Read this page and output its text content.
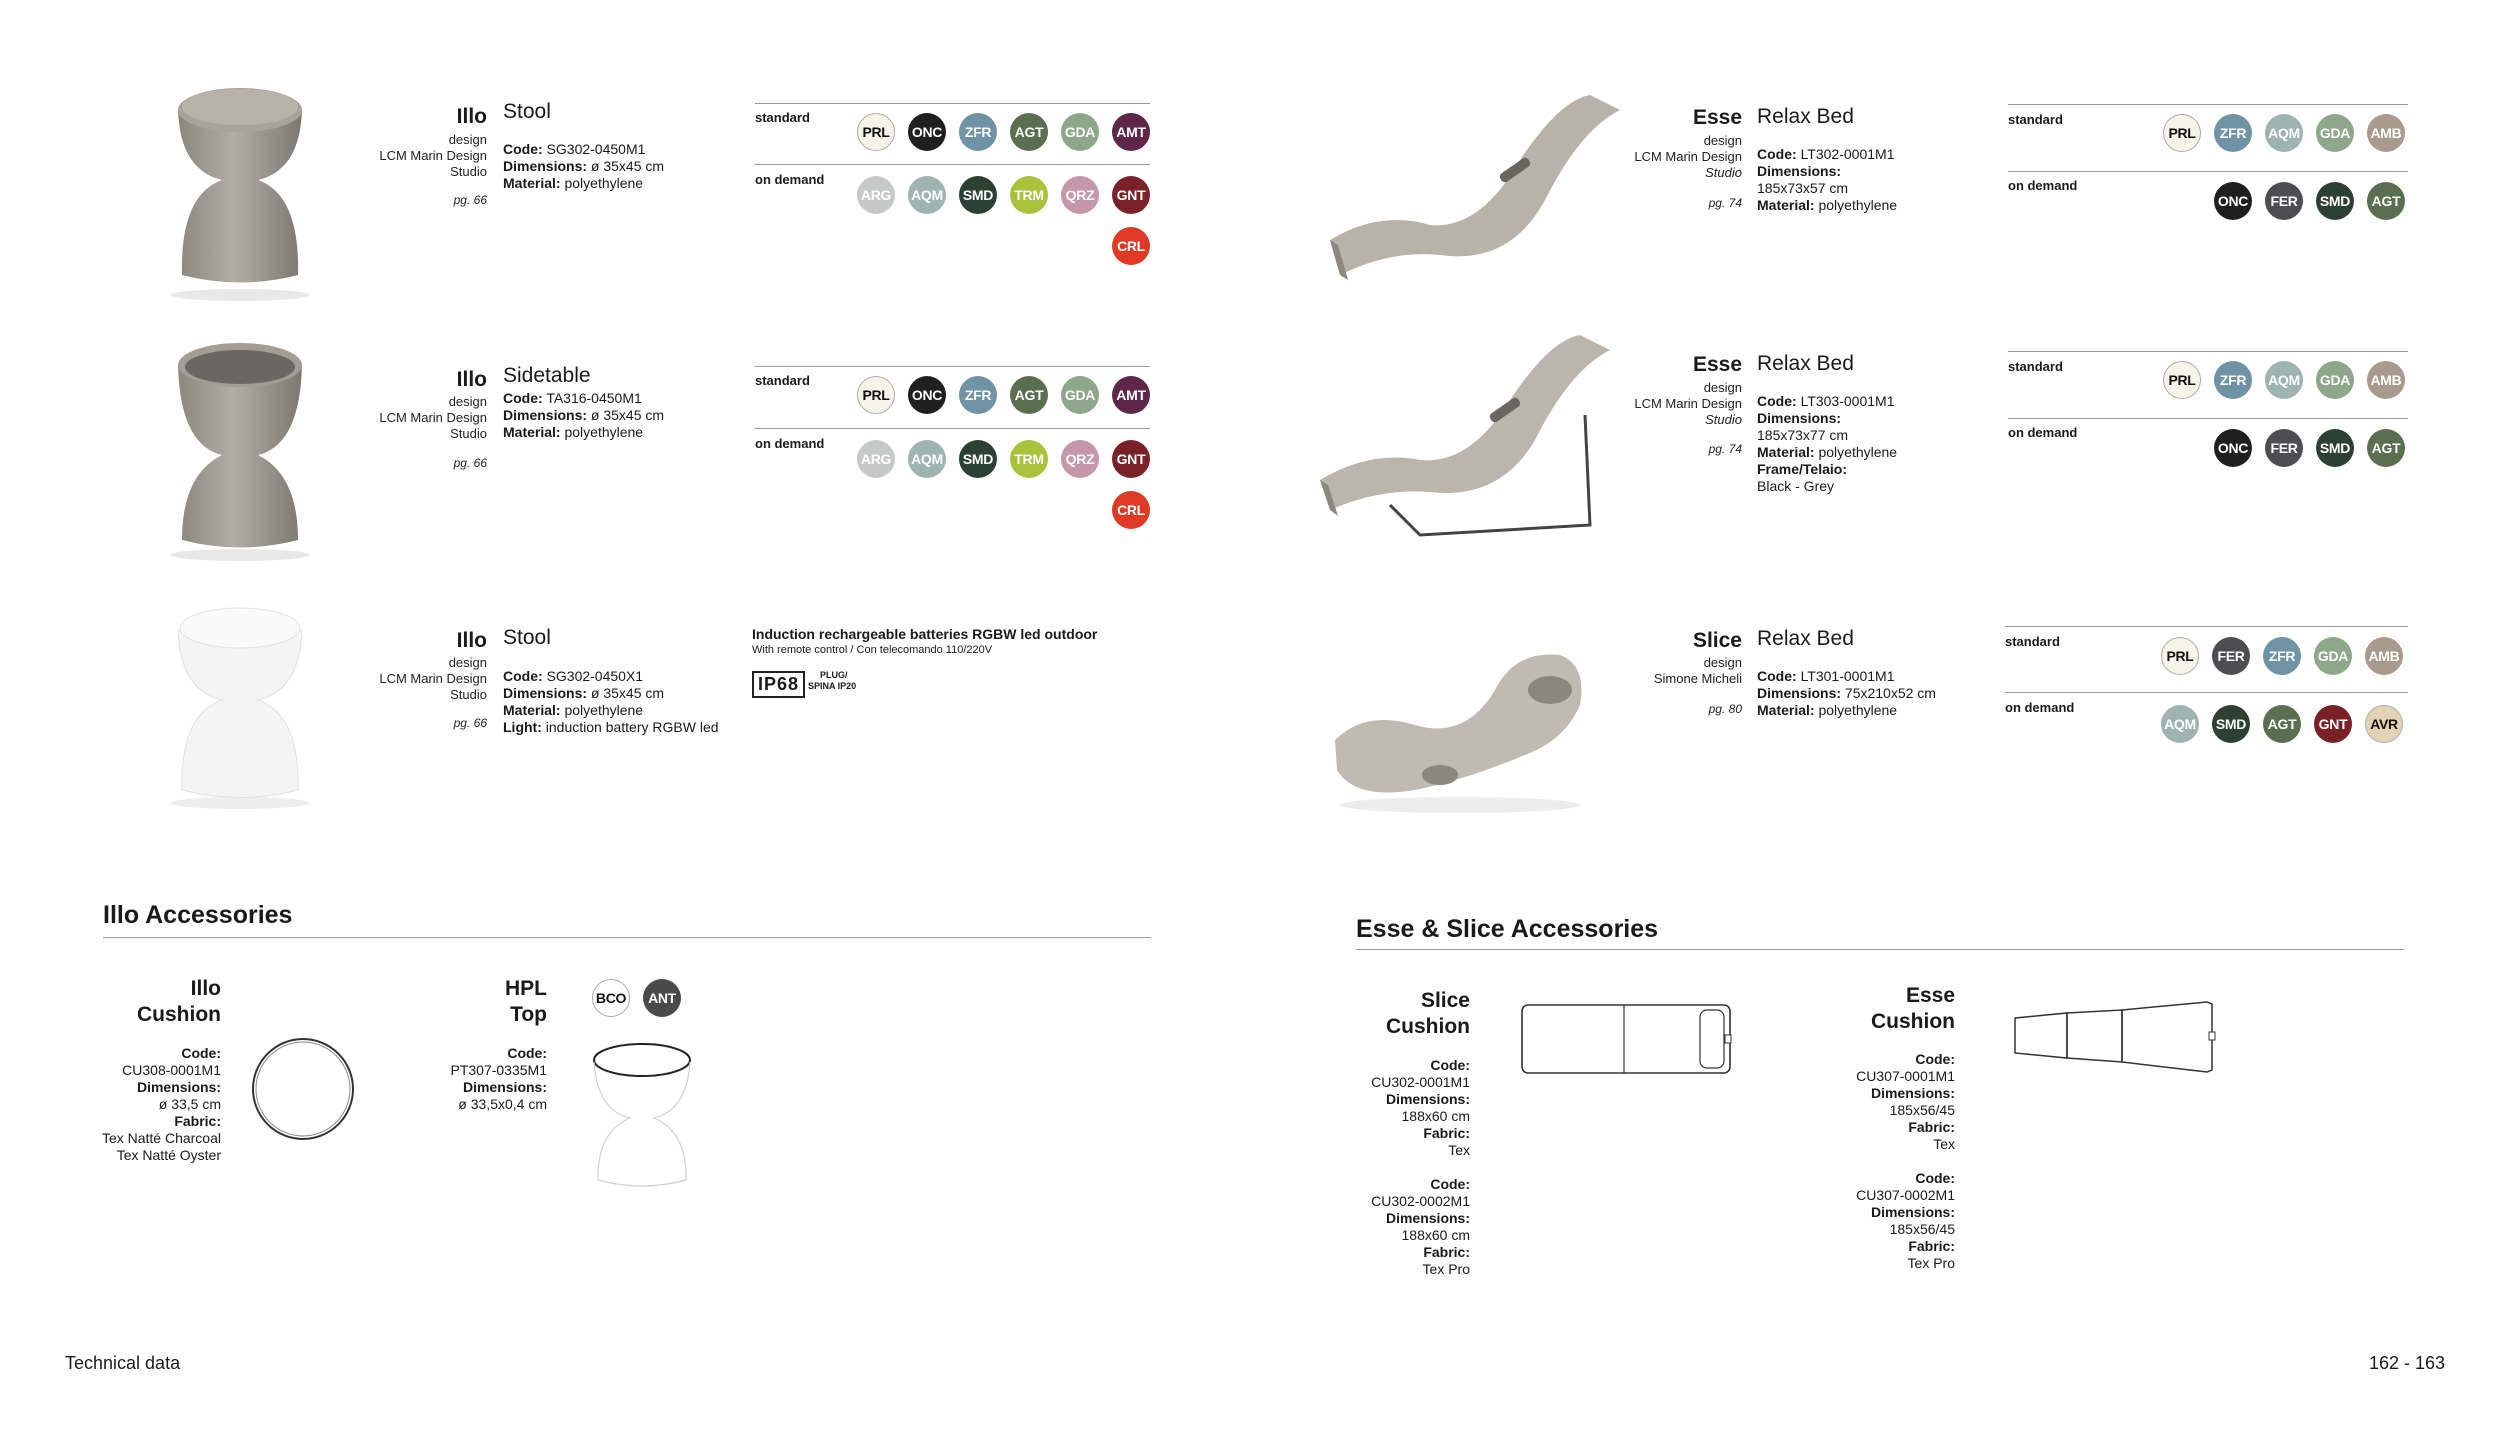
Illo Stool
design
LCM Marin Design
Studio
pg. 66
Code: SG302-0450M1
Dimensions: ø 35x45 cm
Material: polyethylene
standard
on demand
PRL	ONC	ZFR	AGT	GDA	AMT
ARG AQM SMD	TRM	QRZ	GNT
CRL
Illo Sidetable
design
LCM Marin Design
Studio
pg. 66
Code: TA316-0450M1
Dimensions: ø 35x45 cm
Material: polyethylene
standard
on demand
PRL	ONC	ZFR	AGT	GDA	AMT
ARG AQM SMD	TRM	QRZ	GNT
CRL
Illo Stool
design
LCM Marin Design
Studio
pg. 66
Code: SG302-0450X1
Dimensions: ø 35x45 cm
Material: polyethylene
Light: induction battery RGBW led
Induction rechargeable batteries RGBW led outdoor
With remote control / Con telecomando 110/220V
IP68	PLUG/
SPINA IP20
Esse Relax Bed
design
LCM Marin Design
Studio
pg. 74
Code: LT302-0001M1
Dimensions:
185x73x57 cm
Material: polyethylene
standard
on demand
PRL	ZFR	AQM GDA AMB
ONC	FER	SMD	AGT
Esse Relax Bed
design
LCM Marin Design
Studio
pg. 74
Code: LT303-0001M1
Dimensions:
185x73x77 cm
Material: polyethylene
Frame/Telaio:
Black - Grey
standard
on demand
PRL	ZFR	AQM GDA AMB
ONC	FER	SMD	AGT
Slice Relax Bed
design
Simone Micheli
pg. 80
Code: LT301-0001M1
Dimensions: 75x210x52 cm
Material: polyethylene
standard
on demand
PRL	FER	ZFR	GDA AMB
AQM SMD	AGT	GNT	AVR
Illo Accessories
Illo
Cushion
Code:
CU308-0001M1
Dimensions:
ø 33,5 cm
Fabric:
Tex Natté Charcoal
Tex Natté Oyster
HPL
Top
Code:
PT307-0335M1
Dimensions:
ø 33,5x0,4 cm
BCO	ANT
Esse & Slice Accessories
Slice
Cushion
Code:
CU302-0001M1
Dimensions:
188x60 cm
Fabric:
Tex
Code:
CU302-0002M1
Dimensions:
188x60 cm
Fabric:
Tex Pro
Esse
Cushion
Code:
CU307-0001M1
Dimensions:
185x56/45
Fabric:
Tex
Code:
CU307-0002M1
Dimensions:
185x56/45
Fabric:
Tex Pro
Technical data	162 - 163
